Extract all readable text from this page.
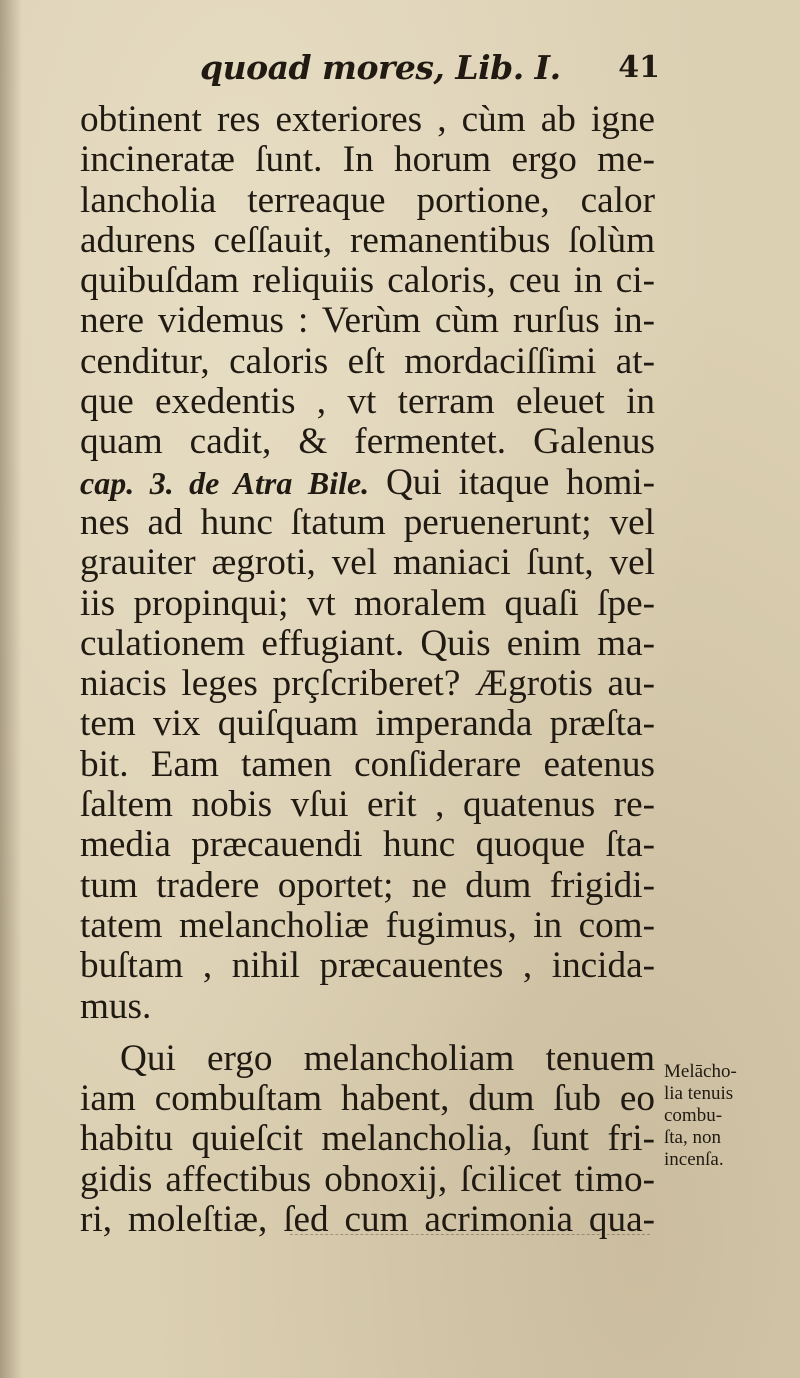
quoad mores, Lib. I. 41
obtinent res exteriores , cùm ab igne
incineratæ ſunt. In horum ergo me-
lancholia terreaque portione, calor
adurens ceſſauit, remanentibus ſolùm
quibuſdam reliquiis caloris, ceu in ci-
nere videmus : Verùm cùm rurſus in-
cenditur, caloris eſt mordaciſſimi at-
que exedentis , vt terram eleuet in
quam cadit, & fermentet. Galenus
cap. 3. de Atra Bile. Qui itaque homi-
nes ad hunc ſtatum peruenerunt; vel
grauiter ægroti, vel maniaci ſunt, vel
iis propinqui; vt moralem quaſi ſpe-
culationem effugiant. Quis enim ma-
niacis leges prçſcriberet? Ægrotis au-
tem vix quiſquam imperanda præſta-
bit. Eam tamen conſiderare eatenus
ſaltem nobis vſui erit , quatenus re-
media præcauendi hunc quoque ſta-
tum tradere oportet; ne dum frigidi-
tatem melancholiæ fugimus, in com-
buſtam , nihil præcauentes , incida-
mus.
Qui ergo melancholiam tenuem
iam combuſtam habent, dum ſub eo
habitu quieſcit melancholia, ſunt fri-
gidis affectibus obnoxij, ſcilicet timo-
ri, moleſtiæ, ſed cum acrimonia qua-
Melācho-
lia tenuis
combu-
ſta, non
incenſa.
